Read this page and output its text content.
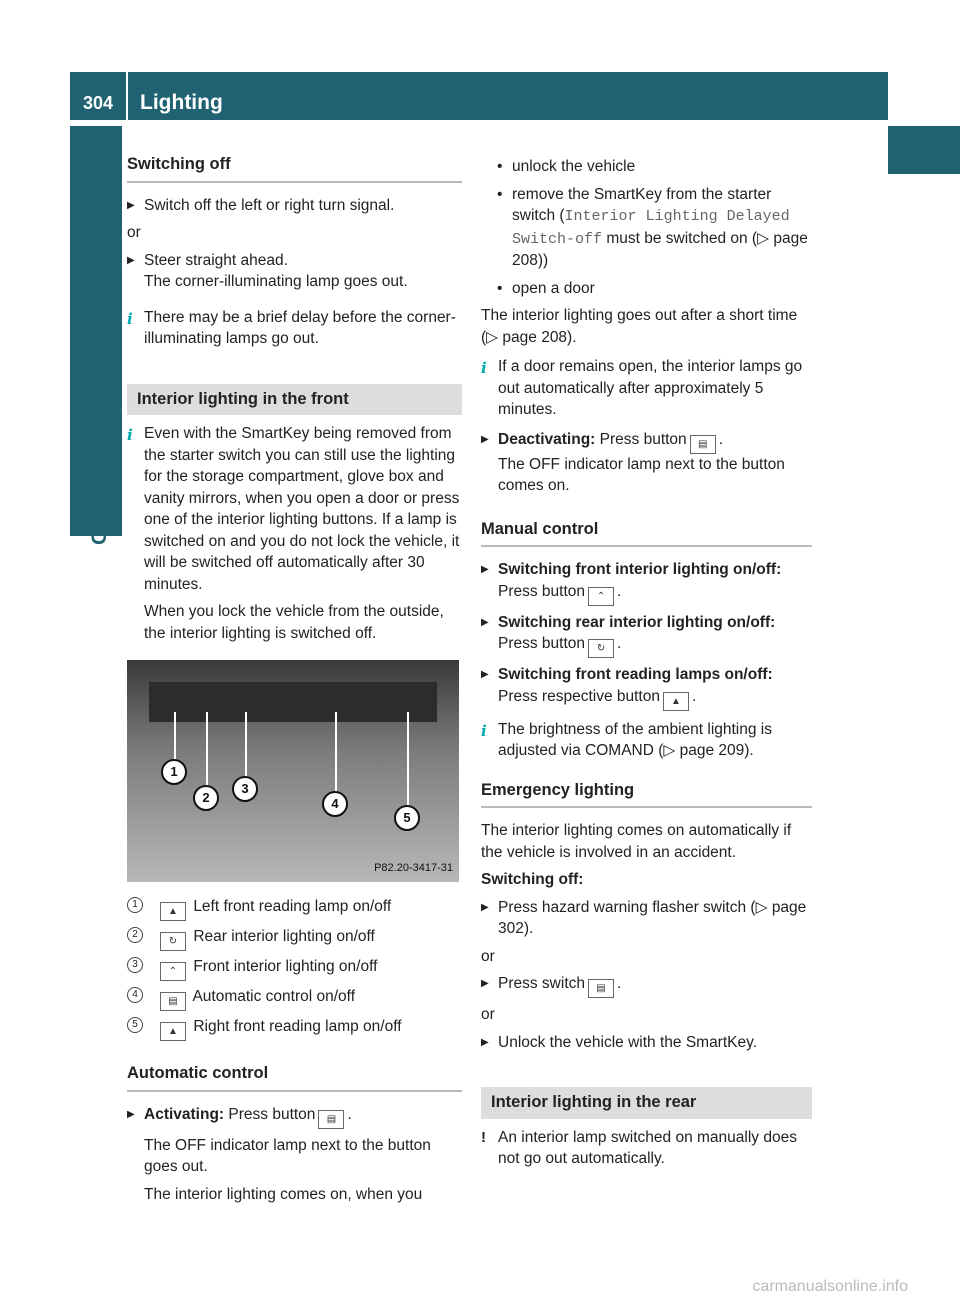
304	Lighting
Controls in detail
Switching off
▶ Switch off the left or right turn signal.

or

▶ Steer straight ahead.
The corner-illuminating lamp goes out.
i There may be a brief delay before the corner-illuminating lamps go out.
Interior lighting in the front
i Even with the SmartKey being removed from the starter switch you can still use the lighting for the storage compartment, glove box and vanity mirrors, when you open a door or press one of the interior lighting buttons. If a lamp is switched on and you do not lock the vehicle, it will be switched off automatically after 30 minutes.

When you lock the vehicle from the outside, the interior lighting is switched off.

1
2
3
4
5
P82.20-3417-31
1
▲ Left front reading lamp on/off
2
↻ Rear interior lighting on/off
3
⌃ Front interior lighting on/off
4
▤ Automatic control on/off
5
▲ Right front reading lamp on/off
Automatic control
▶ Activating: Press button ▤ .

The OFF indicator lamp next to the button goes out.

The interior lighting comes on, when you

• unlock the vehicle
• remove the SmartKey from the starter switch (Interior Lighting Delayed Switch-off must be switched on (▷ page 208))
• open a door

The interior lighting goes out after a short time (▷ page 208).

i If a door remains open, the interior lamps go out automatically after approximately 5 minutes.
▶ Deactivating: Press button ▤ .
The OFF indicator lamp next to the button comes on.
Manual control
▶ Switching front interior lighting on/off: Press button ⌃ .
▶ Switching rear interior lighting on/off: Press button ↻ .
▶ Switching front reading lamps on/off: Press respective button ▲ .
i The brightness of the ambient lighting is adjusted via COMAND (▷ page 209).
Emergency lighting

The interior lighting comes on automatically if the vehicle is involved in an accident.

Switching off:

▶ Press hazard warning flasher switch (▷ page 302).

or

▶ Press switch ▤ .

or

▶ Unlock the vehicle with the SmartKey.
Interior lighting in the rear
! An interior lamp switched on manually does not go out automatically.
carmanualsonline.info
